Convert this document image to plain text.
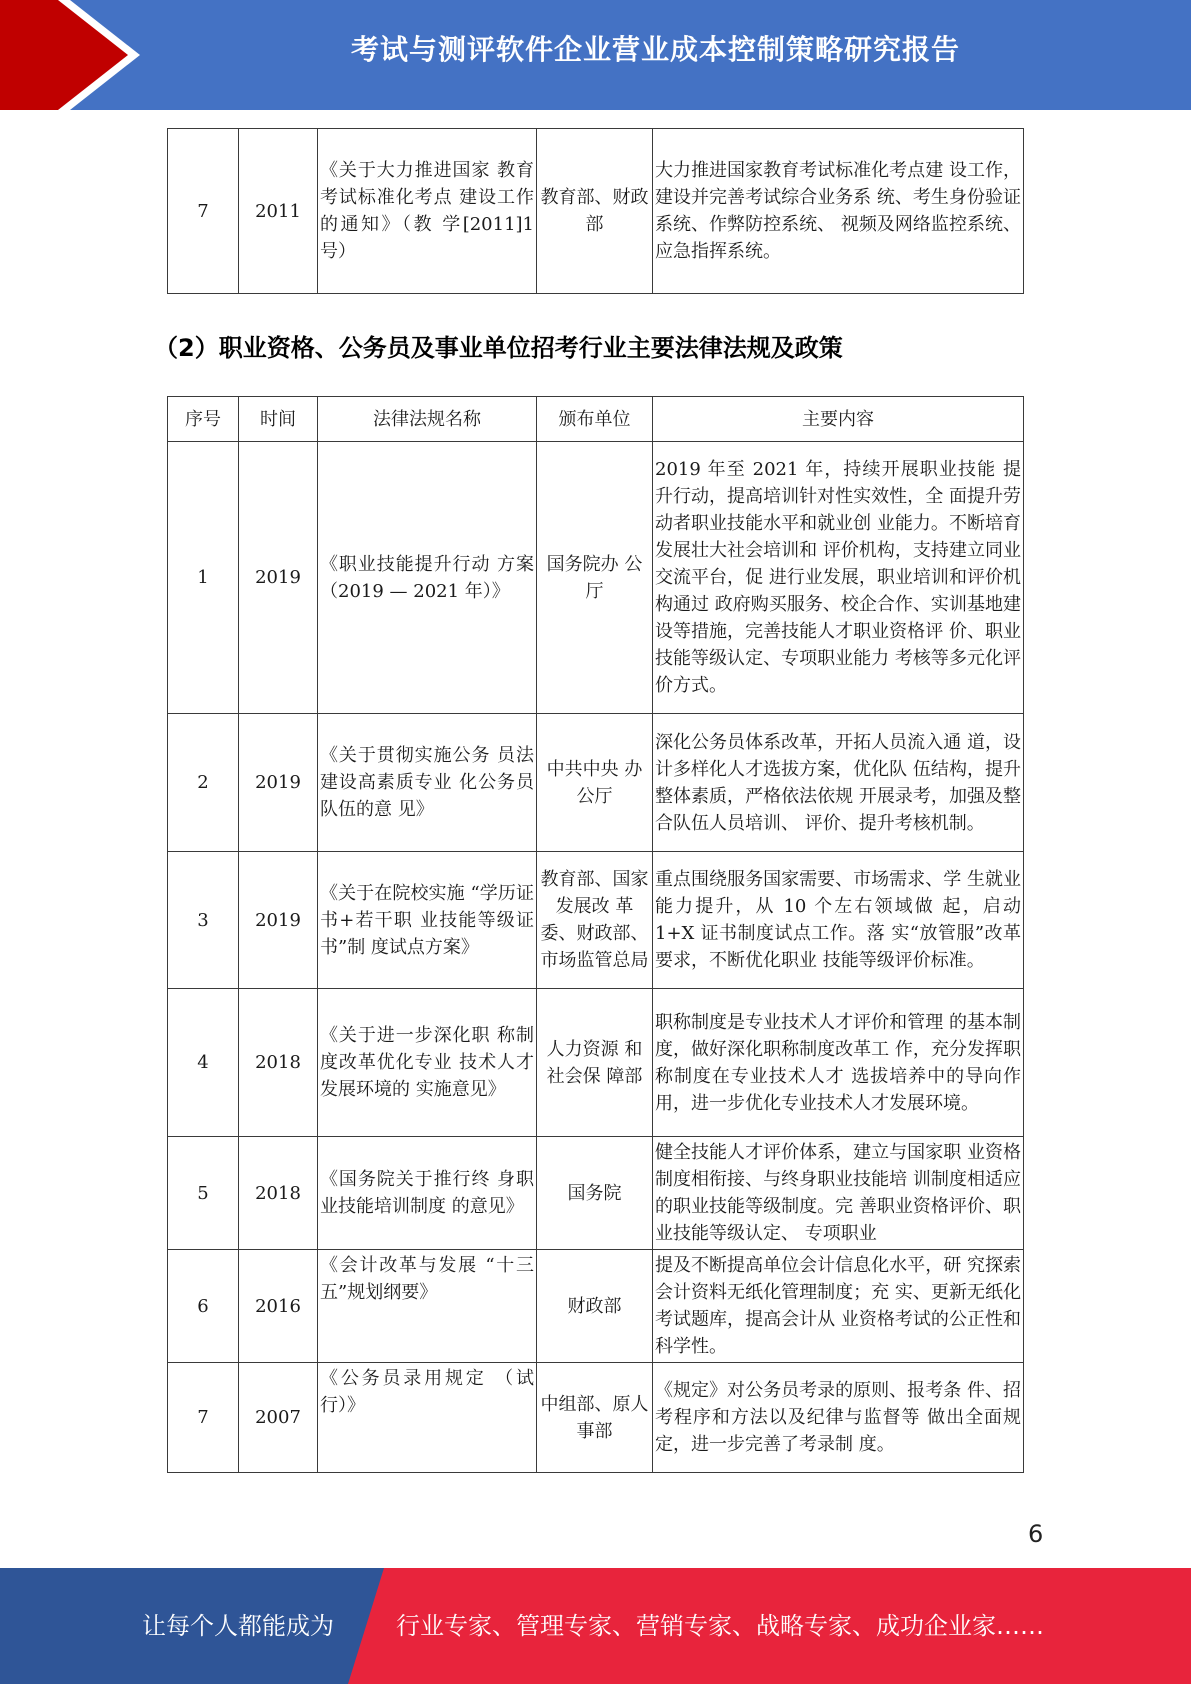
考试与测评软件企业营业成本控制策略研究报告
7	2011	《关于大力推进国家 教育考试标准化考点 建设工作的通知》（教 学[2011]1 号）	教育部、财政部	大力推进国家教育考试标准化考点建 设工作，建设并完善考试综合业务系 统、考生身份验证系统、作弊防控系统、 视频及网络监控系统、应急指挥系统。
（2）职业资格、公务员及事业单位招考行业主要法律法规及政策
序号	时间	法律法规名称	颁布单位	主要内容
1	2019	《职业技能提升行动 方案（2019 — 2021 年）》	国务院办 公厅	2019 年至 2021 年，持续开展职业技能 提升行动，提高培训针对性实效性，全 面提升劳动者职业技能水平和就业创 业能力。不断培育发展壮大社会培训和 评价机构，支持建立同业交流平台，促 进行业发展，职业培训和评价机构通过 政府购买服务、校企合作、实训基地建 设等措施，完善技能人才职业资格评 价、职业技能等级认定、专项职业能力 考核等多元化评价方式。
2	2019	《关于贯彻实施公务 员法建设高素质专业 化公务员队伍的意 见》	中共中央 办公厅	深化公务员体系改革，开拓人员流入通 道，设计多样化人才选拔方案，优化队 伍结构，提升整体素质，严格依法依规 开展录考，加强及整合队伍人员培训、 评价、提升考核机制。
3	2019	《关于在院校实施 “学历证书+若干职 业技能等级证书”制 度试点方案》	教育部、国家发展改 革委、财政部、市场监管总局	重点围绕服务国家需要、市场需求、学 生就业能力提升，从 10 个左右领域做 起，启动 1+X 证书制度试点工作。落 实“放管服”改革要求，不断优化职业 技能等级评价标准。
4	2018	《关于进一步深化职 称制度改革优化专业 技术人才发展环境的 实施意见》	人力资源 和社会保 障部	职称制度是专业技术人才评价和管理 的基本制度，做好深化职称制度改革工 作，充分发挥职称制度在专业技术人才 选拔培养中的导向作用，进一步优化专业技术人才发展环境。
5	2018	《国务院关于推行终 身职业技能培训制度 的意见》	国务院	健全技能人才评价体系，建立与国家职 业资格制度相衔接、与终身职业技能培 训制度相适应的职业技能等级制度。完 善职业资格评价、职业技能等级认定、 专项职业
6	2016	《会计改革与发展 “十三五”规划纲要》	财政部	提及不断提高单位会计信息化水平，研 究探索会计资料无纸化管理制度；充 实、更新无纸化考试题库，提高会计从 业资格考试的公正性和科学性。
7	2007	《公务员录用规定 （试行）》	中组部、原人事部	《规定》对公务员考录的原则、报考条 件、招考程序和方法以及纪律与监督等 做出全面规定，进一步完善了考录制 度。
6
让每个人都能成为	行业专家、管理专家、营销专家、战略专家、成功企业家……
